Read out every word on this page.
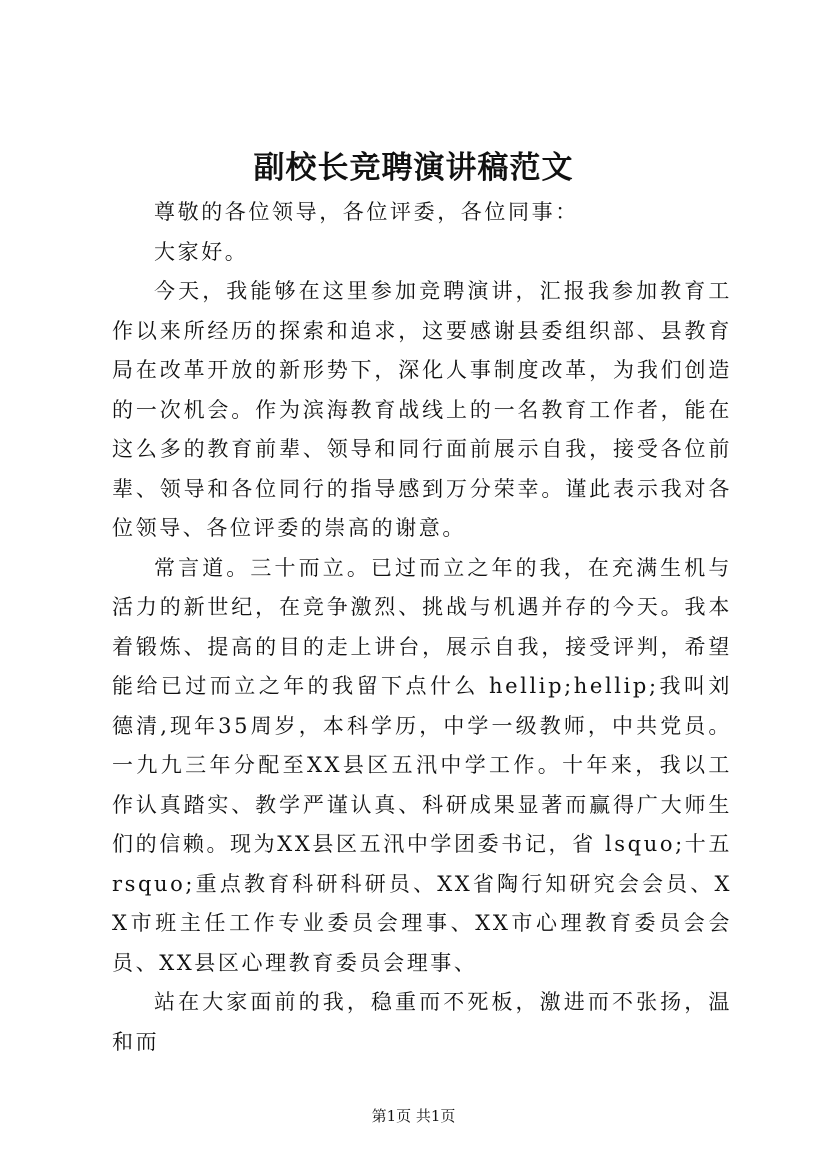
副校长竞聘演讲稿范文

尊敬的各位领导，各位评委，各位同事：

大家好。

今天，我能够在这里参加竞聘演讲，汇报我参加教育工作以来所经历的探索和追求，这要感谢县委组织部、县教育局在改革开放的新形势下，深化人事制度改革，为我们创造的一次机会。作为滨海教育战线上的一名教育工作者，能在这么多的教育前辈、领导和同行面前展示自我，接受各位前辈、领导和各位同行的指导感到万分荣幸。谨此表示我对各位领导、各位评委的崇高的谢意。

常言道。三十而立。已过而立之年的我，在充满生机与活力的新世纪，在竞争激烈、挑战与机遇并存的今天。我本着锻炼、提高的目的走上讲台，展示自我，接受评判，希望能给已过而立之年的我留下点什么 hellip;hellip;我叫刘德清,现年35周岁，本科学历，中学一级教师，中共党员。一九九三年分配至XX县区五汛中学工作。十年来，我以工作认真踏实、教学严谨认真、科研成果显著而赢得广大师生们的信赖。现为XX县区五汛中学团委书记，省 lsquo;十五 rsquo;重点教育科研科研员、XX省陶行知研究会会员、XX市班主任工作专业委员会理事、XX市心理教育委员会会员、XX县区心理教育委员会理事、

站在大家面前的我，稳重而不死板，激进而不张扬，温和而

第1页 共1页
